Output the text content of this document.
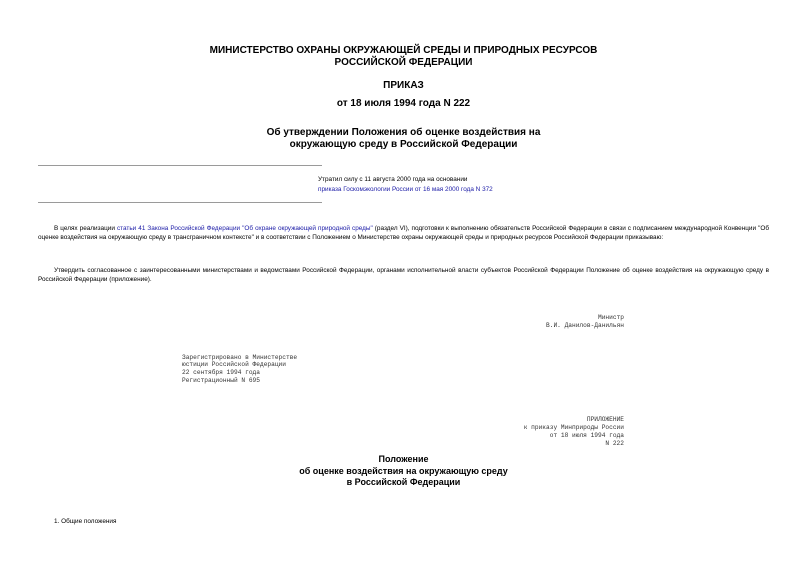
МИНИСТЕРСТВО ОХРАНЫ ОКРУЖАЮЩЕЙ СРЕДЫ И ПРИРОДНЫХ РЕСУРСОВ
РОССИЙСКОЙ ФЕДЕРАЦИИ
ПРИКАЗ
от 18 июля 1994 года N 222
Об утверждении Положения об оценке воздействия на
окружающую среду в Российской Федерации
Утратил силу с 11 августа 2000 года на основании
приказа Госкомэкологии России от 16 мая 2000 года N 372
В целях реализации статьи 41 Закона Российской Федерации "Об охране окружающей природной среды" (раздел VI), подготовки к выполнению обязательств Российской Федерации в связи с подписанием международной Конвенции "Об оценке воздействия на окружающую среду в трансграничном контексте" и в соответствии с Положением о Министерстве охраны окружающей среды и природных ресурсов Российской Федерации приказываю:
Утвердить согласованное с заинтересованными министерствами и ведомствами Российской Федерации, органами исполнительной власти субъектов Российской Федерации Положение об оценке воздействия на окружающую среду в Российской Федерации (приложение).
Министр
В.И. Данилов-Данильян
Зарегистрировано в Министерстве
юстиции Российской Федерации
22 сентября 1994 года
Регистрационный N 695
ПРИЛОЖЕНИЕ
к приказу Минприроды России
от 18 июля 1994 года
N 222
Положение
об оценке воздействия на окружающую среду
в Российской Федерации
1. Общие положения
